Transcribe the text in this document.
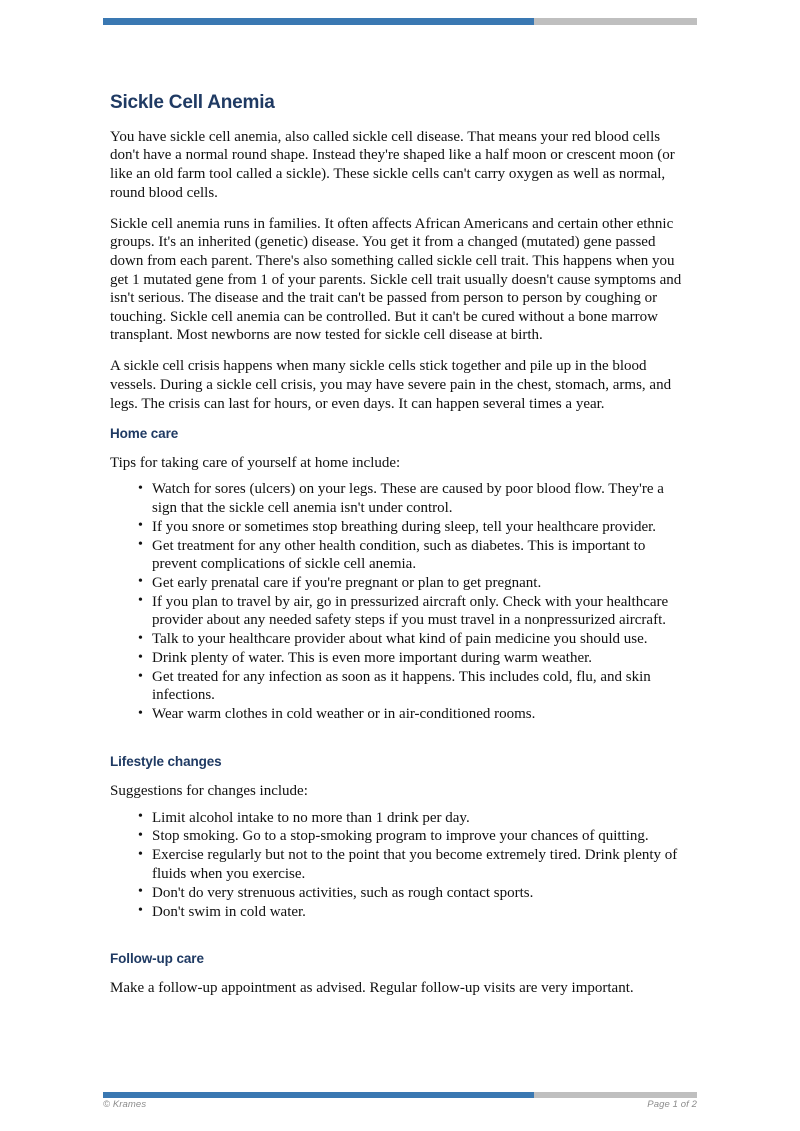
Sickle Cell Anemia

You have sickle cell anemia, also called sickle cell disease. That means your red blood cells don't have a normal round shape. Instead they're shaped like a half moon or crescent moon (or like an old farm tool called a sickle). These sickle cells can't carry oxygen as well as normal, round blood cells.

Sickle cell anemia runs in families. It often affects African Americans and certain other ethnic groups. It's an inherited (genetic) disease. You get it from a changed (mutated) gene passed down from each parent. There's also something called sickle cell trait. This happens when you get 1 mutated gene from 1 of your parents. Sickle cell trait usually doesn't cause symptoms and isn't serious. The disease and the trait can't be passed from person to person by coughing or touching. Sickle cell anemia can be controlled. But it can't be cured without a bone marrow transplant. Most newborns are now tested for sickle cell disease at birth.

A sickle cell crisis happens when many sickle cells stick together and pile up in the blood vessels. During a sickle cell crisis, you may have severe pain in the chest, stomach, arms, and legs. The crisis can last for hours, or even days. It can happen several times a year.

Home care

Tips for taking care of yourself at home include:

• Watch for sores (ulcers) on your legs. These are caused by poor blood flow. They're a sign that the sickle cell anemia isn't under control.
• If you snore or sometimes stop breathing during sleep, tell your healthcare provider.
• Get treatment for any other health condition, such as diabetes. This is important to prevent complications of sickle cell anemia.
• Get early prenatal care if you're pregnant or plan to get pregnant.
• If you plan to travel by air, go in pressurized aircraft only. Check with your healthcare provider about any needed safety steps if you must travel in a nonpressurized aircraft.
• Talk to your healthcare provider about what kind of pain medicine you should use.
• Drink plenty of water. This is even more important during warm weather.
• Get treated for any infection as soon as it happens. This includes cold, flu, and skin infections.
• Wear warm clothes in cold weather or in air-conditioned rooms.
Lifestyle changes

Suggestions for changes include:

• Limit alcohol intake to no more than 1 drink per day.
• Stop smoking. Go to a stop-smoking program to improve your chances of quitting.
• Exercise regularly but not to the point that you become extremely tired. Drink plenty of fluids when you exercise.
• Don't do very strenuous activities, such as rough contact sports.
• Don't swim in cold water.
Follow-up care

Make a follow-up appointment as advised. Regular follow-up visits are very important.

© Krames	Page 1 of 2
